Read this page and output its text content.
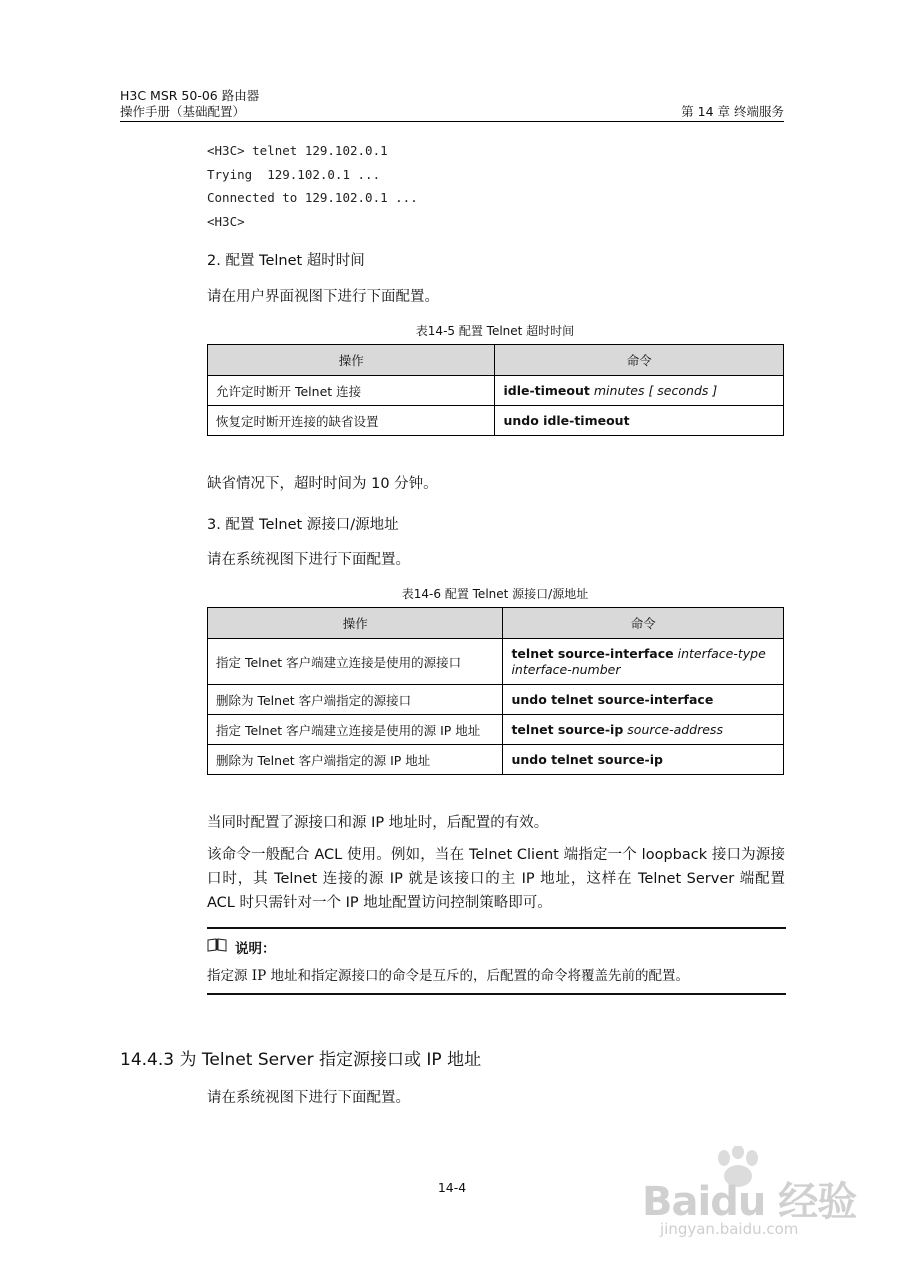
H3C MSR 50-06 路由器
操作手册（基础配置）	第 14 章 终端服务
<H3C> telnet 129.102.0.1
Trying  129.102.0.1 ...
Connected to 129.102.0.1 ...
<H3C>
2. 配置 Telnet 超时时间
请在用户界面视图下进行下面配置。
表14-5 配置 Telnet 超时时间
操作	命令
允许定时断开 Telnet 连接	idle-timeout minutes [ seconds ]
恢复定时断开连接的缺省设置	undo idle-timeout
缺省情况下，超时时间为 10 分钟。
3. 配置 Telnet 源接口/源地址
请在系统视图下进行下面配置。
表14-6 配置 Telnet 源接口/源地址
操作	命令
指定 Telnet 客户端建立连接是使用的源接口	telnet source-interface interface-type interface-number
删除为 Telnet 客户端指定的源接口	undo telnet source-interface
指定 Telnet 客户端建立连接是使用的源 IP 地址	telnet source-ip source-address
删除为 Telnet 客户端指定的源 IP 地址	undo telnet source-ip
当同时配置了源接口和源 IP 地址时，后配置的有效。
该命令一般配合 ACL 使用。例如，当在 Telnet Client 端指定一个 loopback 接口为源接口时，其 Telnet 连接的源 IP 就是该接口的主 IP 地址，这样在 Telnet Server 端配置 ACL 时只需针对一个 IP 地址配置访问控制策略即可。
说明：
指定源 IP 地址和指定源接口的命令是互斥的，后配置的命令将覆盖先前的配置。
14.4.3 为 Telnet Server 指定源接口或 IP 地址
请在系统视图下进行下面配置。
14-4	Baidu 经验
jingyan.baidu.com
